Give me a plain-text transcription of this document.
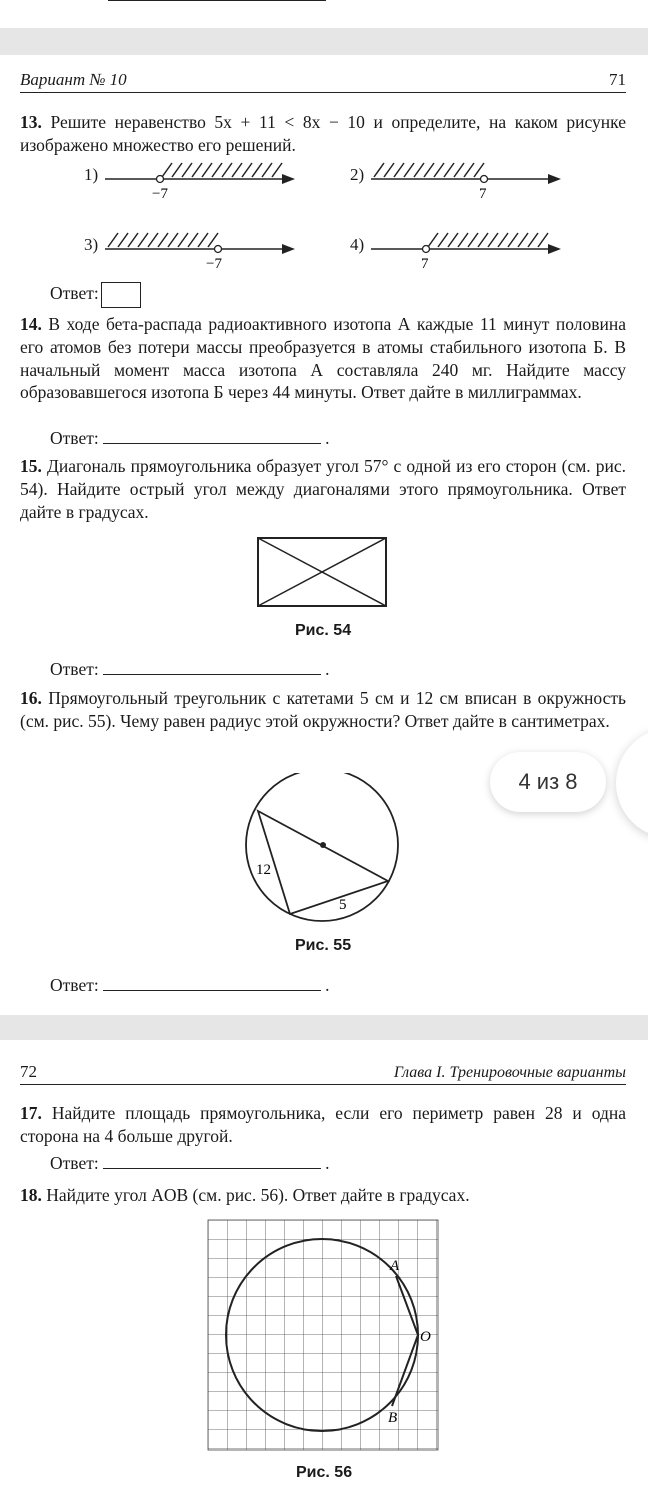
Вариант № 10	71
13. Решите неравенство 5x + 11 < 8x − 10 и определите, на каком рисунке изображено множество его решений.
1)
−7
2)
7
3)
−7
4)
7
Ответ:
14. В ходе бета-распада радиоактивного изотопа А каждые 11 минут половина его атомов без потери массы преобразуется в атомы стабильного изотопа Б. В начальный момент масса изотопа А составляла 240 мг. Найдите массу образовавшегося изотопа Б через 44 минуты. Ответ дайте в миллиграммах.
Ответ:	.
15. Диагональ прямоугольника образует угол 57° с одной из его сторон (см. рис. 54). Найдите острый угол между диагоналями этого прямоугольника. Ответ дайте в градусах.
Рис. 54
Ответ:	.
16. Прямоугольный треугольник с катетами 5 см и 12 см вписан в окружность (см. рис. 55). Чему равен радиус этой окружности? Ответ дайте в сантиметрах.
12
5
Рис. 55
Ответ:	.
4 из 8
72	Глава I. Тренировочные варианты
17. Найдите площадь прямоугольника, если его периметр равен 28 и одна сторона на 4 больше другой.
Ответ:	.
18. Найдите угол AOB (см. рис. 56). Ответ дайте в градусах.
A
O
B
Рис. 56
